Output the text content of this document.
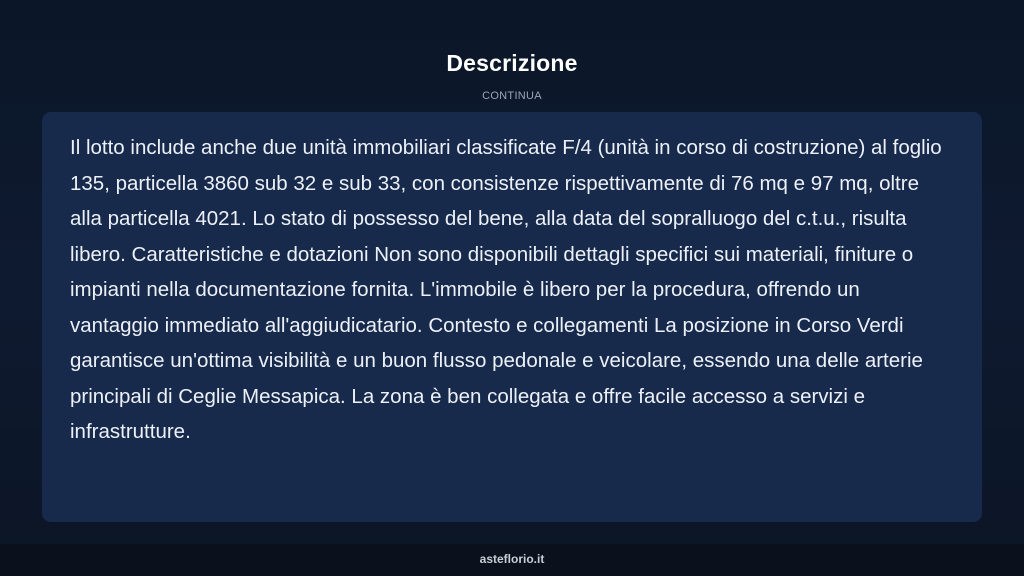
Descrizione
CONTINUA

Il lotto include anche due unità immobiliari classificate F/4 (unità in corso di costruzione) al foglio 135, particella 3860 sub 32 e sub 33, con consistenze rispettivamente di 76 mq e 97 mq, oltre alla particella 4021. Lo stato di possesso del bene, alla data del sopralluogo del c.t.u., risulta libero. Caratteristiche e dotazioni Non sono disponibili dettagli specifici sui materiali, finiture o impianti nella documentazione fornita. L'immobile è libero per la procedura, offrendo un vantaggio immediato all'aggiudicatario. Contesto e collegamenti La posizione in Corso Verdi garantisce un'ottima visibilità e un buon flusso pedonale e veicolare, essendo una delle arterie principali di Ceglie Messapica. La zona è ben collegata e offre facile accesso a servizi e infrastrutture.

asteflorio.it
